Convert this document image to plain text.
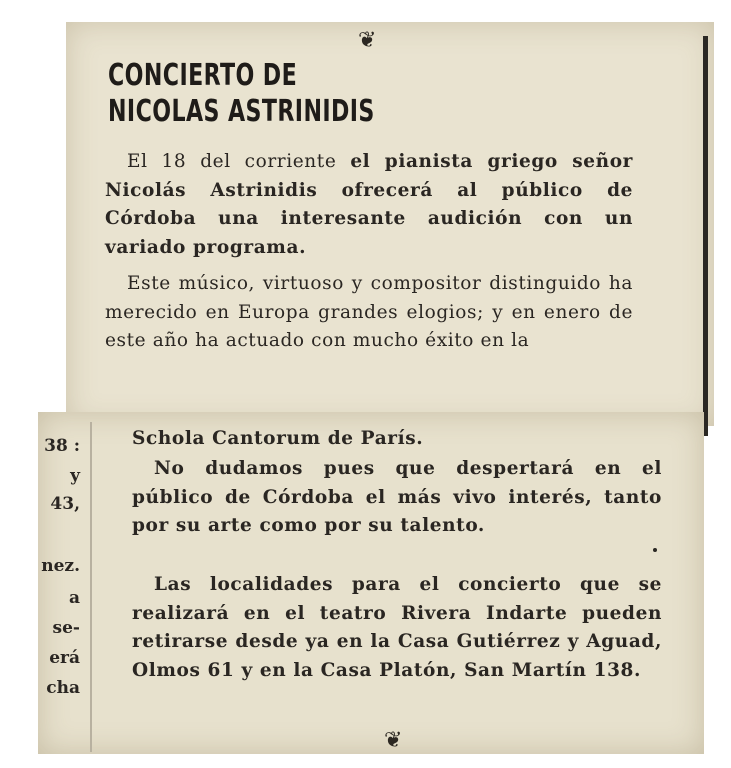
❦
CONCIERTO DE
NICOLAS ASTRINIDIS

El 18 del corriente el pianista griego señor Nicolás Astrinidis ofrecerá al público de Córdoba una interesante audición con un variado programa.

Este músico, virtuoso y compositor distinguido ha merecido en Europa grandes elogios; y en enero de este año ha actuado con mucho éxito en la

Schola Cantorum de París.

No dudamos pues que despertará en el público de Córdoba el más vivo interés, tanto por su arte como por su talento.

Las localidades para el concierto que se realizará en el teatro Rivera Indarte pueden retirarse desde ya en la Casa Gutiérrez y Aguad, Olmos 61 y en la Casa Platón, San Martín 138.

38 :
y
43,
nez.
a
se-
erá
cha
❦
